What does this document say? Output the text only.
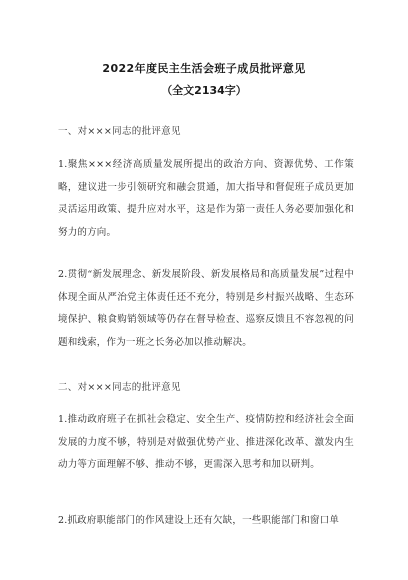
2022年度民主生活会班子成员批评意见
（全文2134字）
一、对×××同志的批评意见
1.聚焦×××经济高质量发展所提出的政治方向、资源优势、工作策略，建议进一步引领研究和融会贯通，加大指导和督促班子成员更加灵活运用政策、提升应对水平，这是作为第一责任人务必要加强化和努力的方向。
2.贯彻“新发展理念、新发展阶段、新发展格局和高质量发展”过程中体现全面从严治党主体责任还不充分，特别是乡村振兴战略、生态环境保护、粮食购销领域等仍存在督导检查、巡察反馈且不容忽视的问题和线索，作为一班之长务必加以推动解决。
二、对×××同志的批评意见
1.推动政府班子在抓社会稳定、安全生产、疫情防控和经济社会全面发展的力度不够，特别是对做强优势产业、推进深化改革、激发内生动力等方面理解不够、推动不够，更需深入思考和加以研判。
2.抓政府职能部门的作风建设上还有欠缺，一些职能部门和窗口单
